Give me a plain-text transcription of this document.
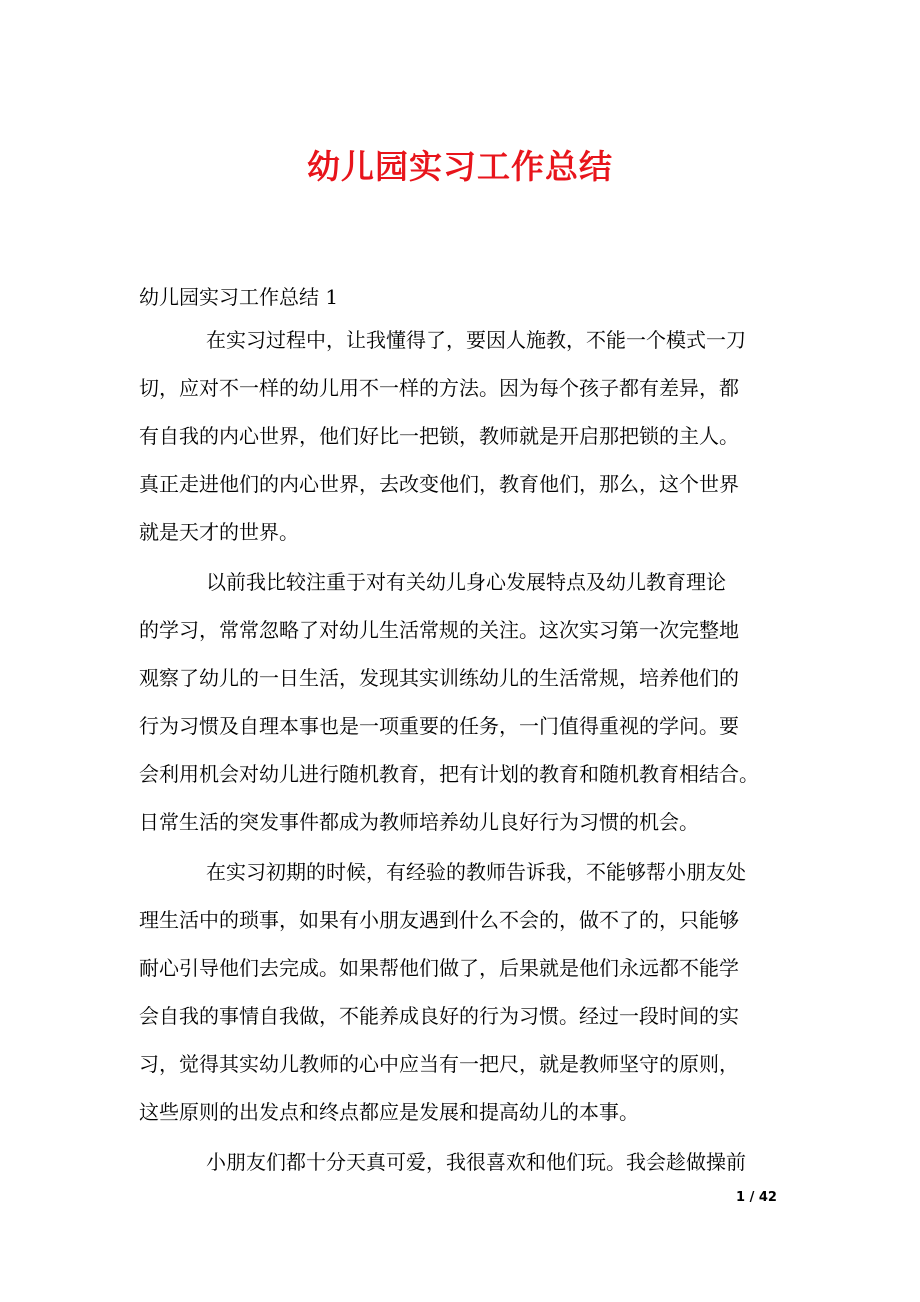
幼儿园实习工作总结

幼儿园实习工作总结 1

在实习过程中，让我懂得了，要因人施教，不能一个模式一刀
切，应对不一样的幼儿用不一样的方法。因为每个孩子都有差异，都
有自我的内心世界，他们好比一把锁，教师就是开启那把锁的主人。
真正走进他们的内心世界，去改变他们，教育他们，那么，这个世界
就是天才的世界。
以前我比较注重于对有关幼儿身心发展特点及幼儿教育理论
的学习，常常忽略了对幼儿生活常规的关注。这次实习第一次完整地
观察了幼儿的一日生活，发现其实训练幼儿的生活常规，培养他们的
行为习惯及自理本事也是一项重要的任务，一门值得重视的学问。要
会利用机会对幼儿进行随机教育，把有计划的教育和随机教育相结合。
日常生活的突发事件都成为教师培养幼儿良好行为习惯的机会。
在实习初期的时候，有经验的教师告诉我，不能够帮小朋友处
理生活中的琐事，如果有小朋友遇到什么不会的，做不了的，只能够
耐心引导他们去完成。如果帮他们做了，后果就是他们永远都不能学
会自我的事情自我做，不能养成良好的行为习惯。经过一段时间的实
习，觉得其实幼儿教师的心中应当有一把尺，就是教师坚守的原则，
这些原则的出发点和终点都应是发展和提高幼儿的本事。
小朋友们都十分天真可爱，我很喜欢和他们玩。我会趁做操前
1 / 42
